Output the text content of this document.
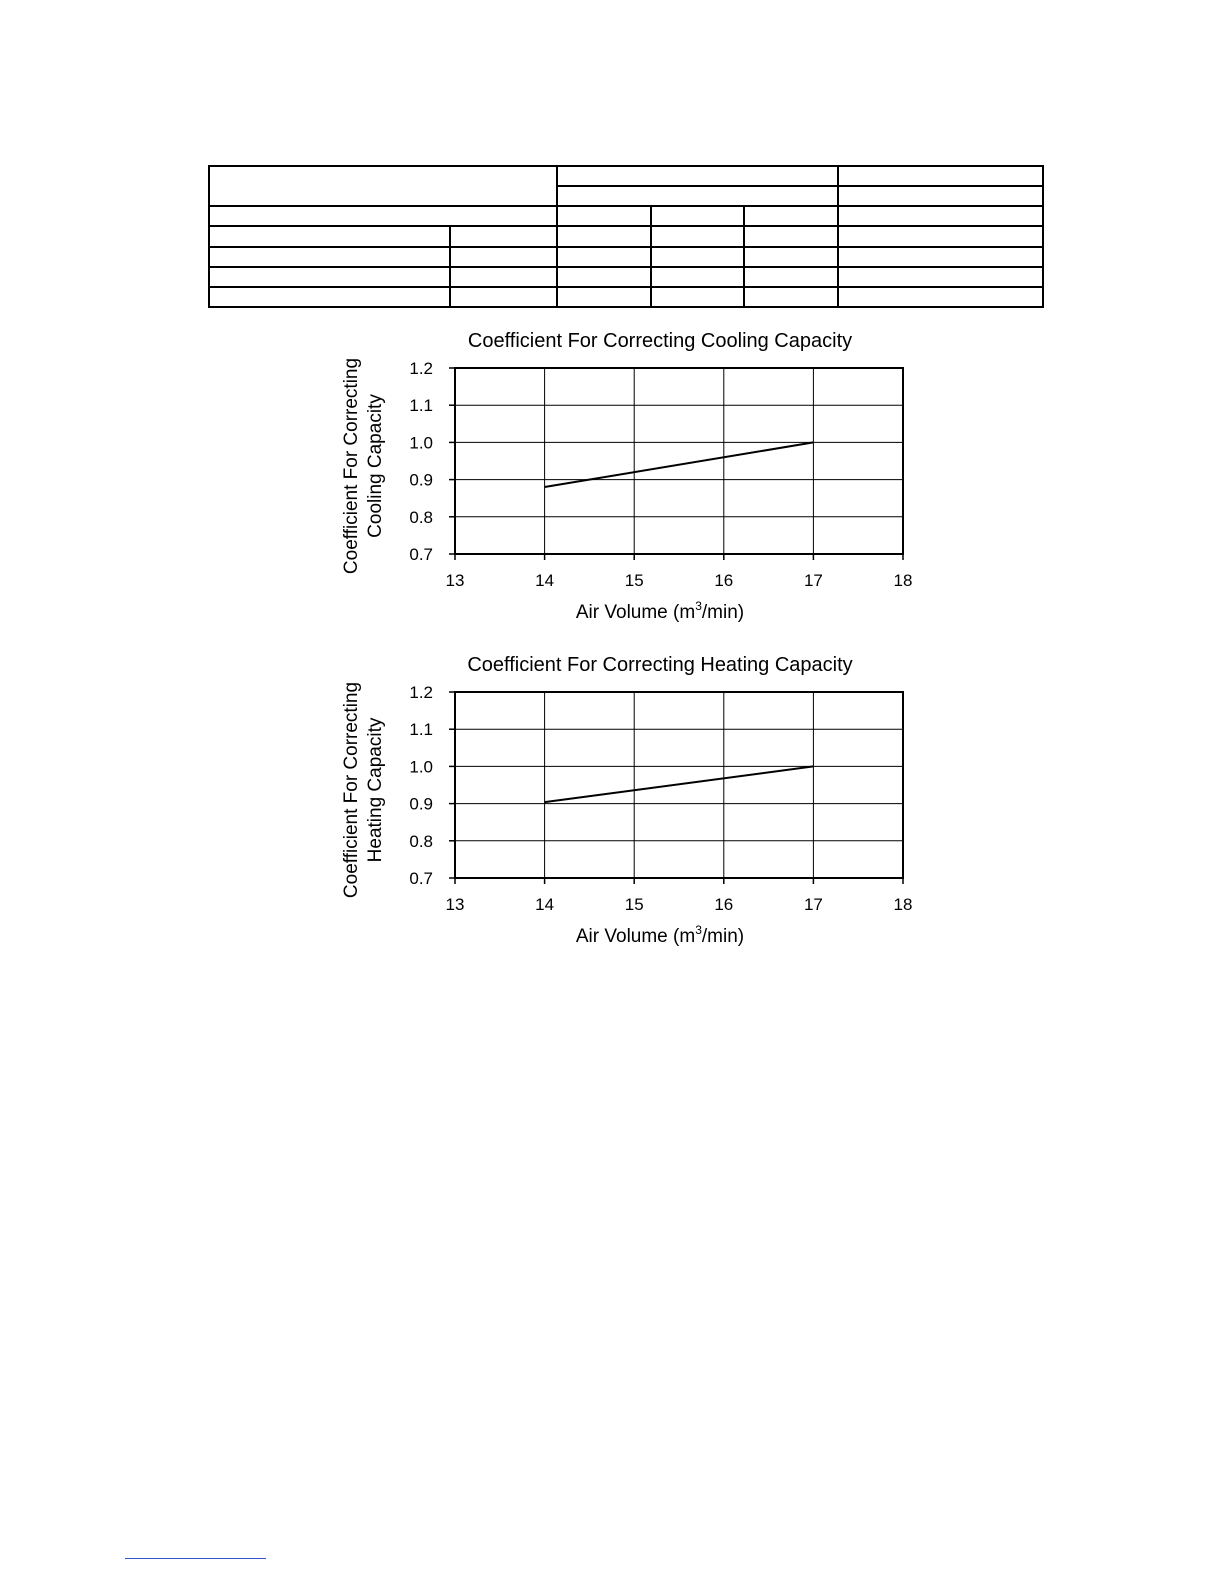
Coefficient For Correcting Cooling Capacity
13	14	15	16	17	18
0.7
0.8
0.9
1.0
1.1
1.2
Air Volume $(m^3/\min)$
Coefficient For Correcting Cooling Capacity
Coefficient For Correcting Heating Capacity
13	14	15	16	17	18
0.7
0.8
0.9
1.0
1.1
1.2
Air Volume $(m^3/\min)$
Coefficient For Correcting Heating Capacity
